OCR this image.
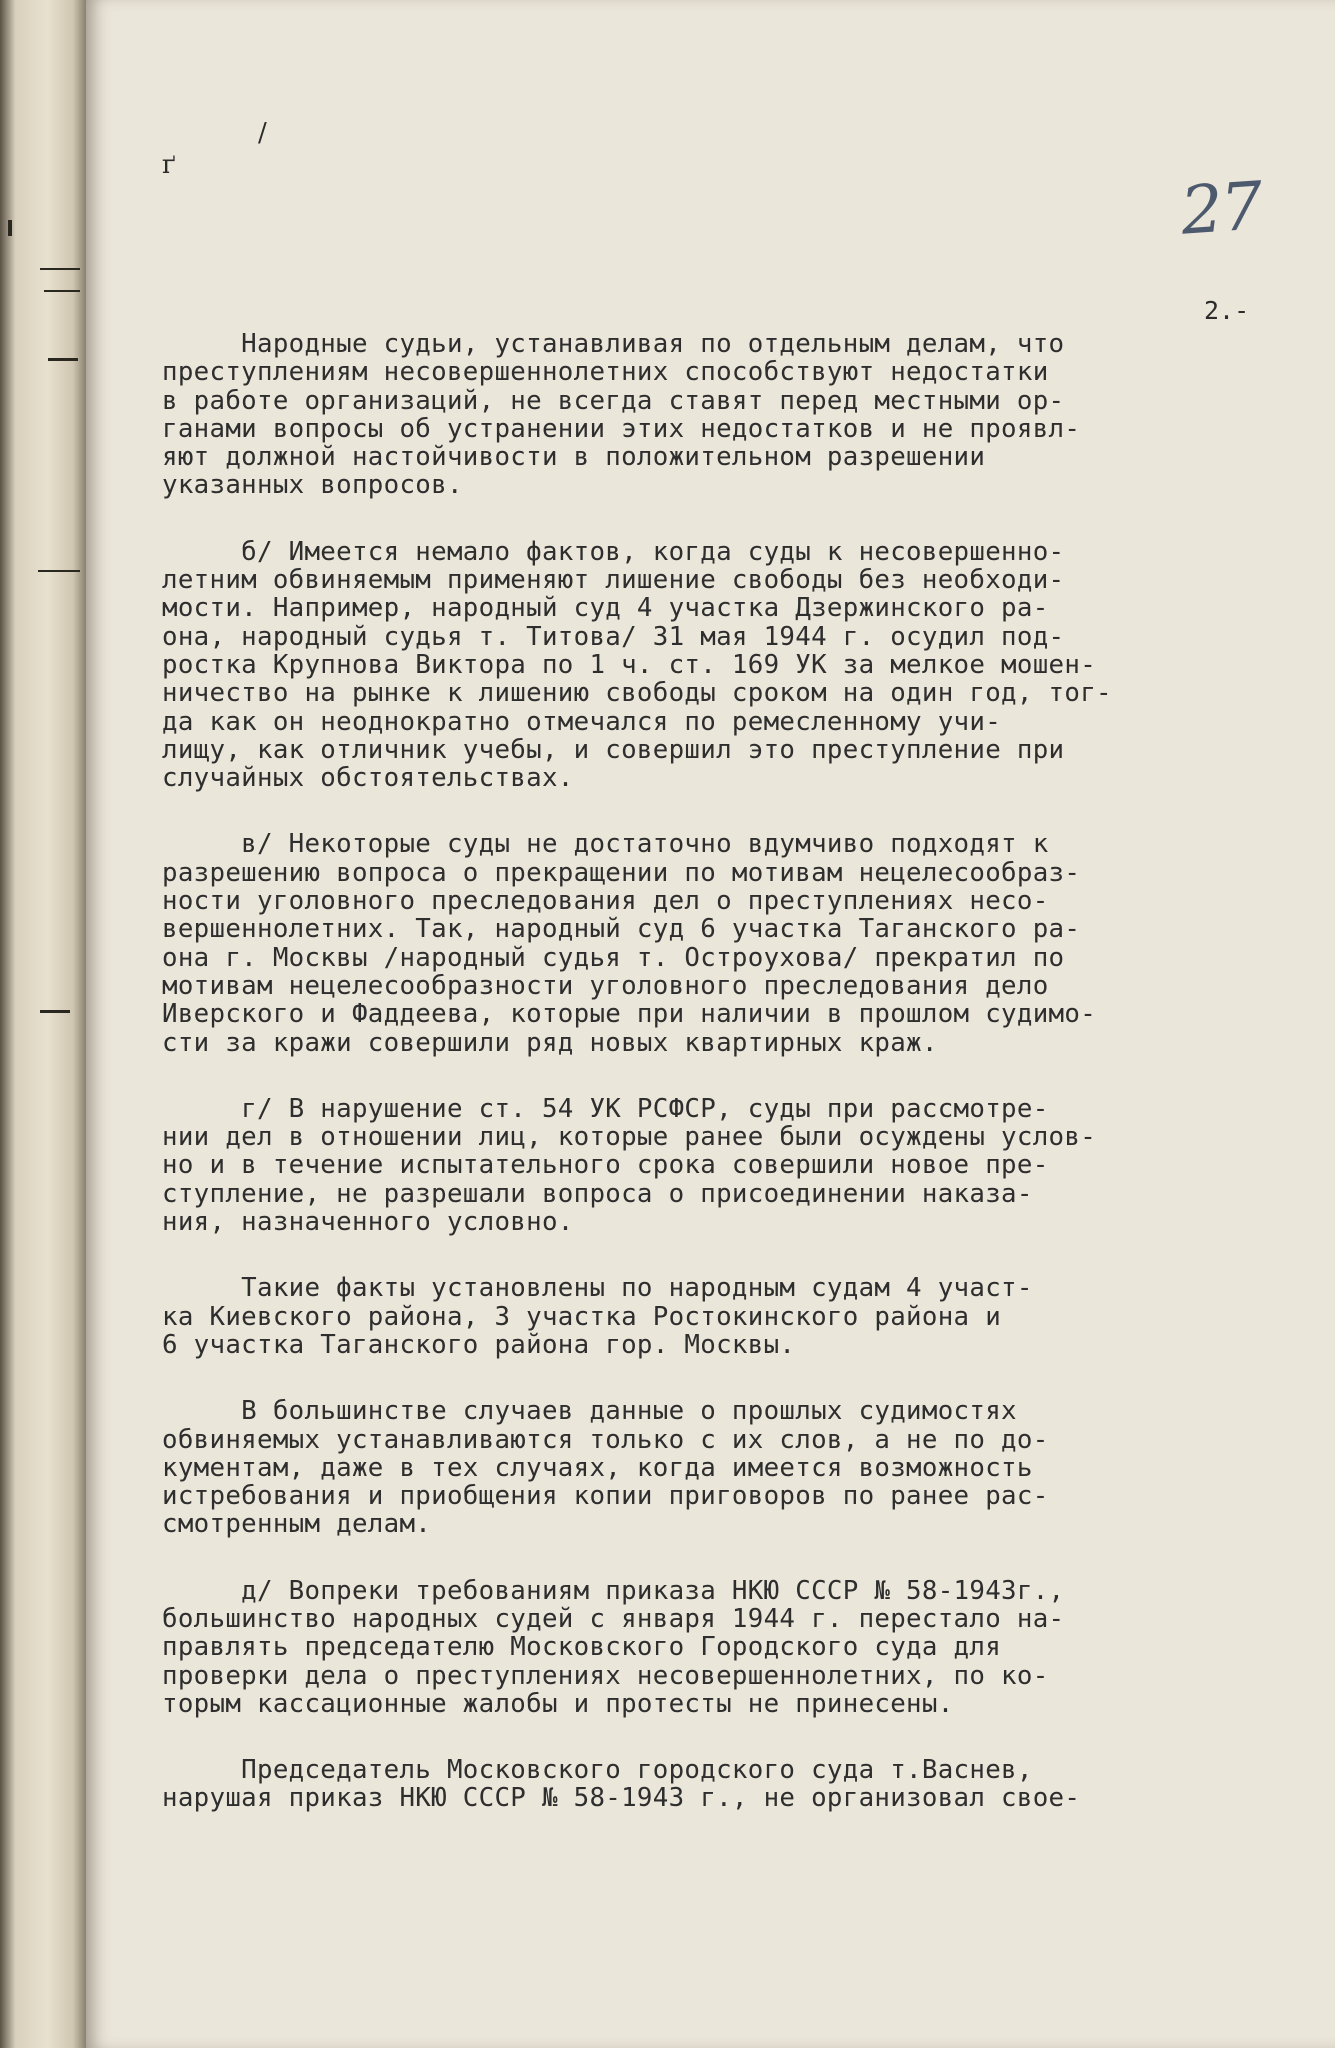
/
ґ
27
2.-
Народные судьи, устанавливая по отдельным делам, что
преступлениям несовершеннолетних способствуют недостатки
в работе организаций, не всегда ставят перед местными ор-
ганами вопросы об устранении этих недостатков и не проявл-
яют должной настойчивости в положительном разрешении
указанных вопросов.
б/ Имеется немало фактов, когда суды к несовершенно-
летним обвиняемым применяют лишение свободы без необходи-
мости. Например, народный суд 4 участка Дзержинского ра-
она, народный судья т. Титова/ 31 мая 1944 г. осудил под-
ростка Крупнова Виктора по 1 ч. ст. 169 УК за мелкое мошен-
ничество на рынке к лишению свободы сроком на один год, тог-
да как он неоднократно отмечался по ремесленному учи-
лищу, как отличник учебы, и совершил это преступление при
случайных обстоятельствах.
в/ Некоторые суды не достаточно вдумчиво подходят к
разрешению вопроса о прекращении по мотивам нецелесообраз-
ности уголовного преследования дел о преступлениях несо-
вершеннолетних. Так, народный суд 6 участка Таганского ра-
она г. Москвы /народный судья т. Остроухова/ прекратил по
мотивам нецелесообразности уголовного преследования дело
Иверского и Фаддеева, которые при наличии в прошлом судимо-
сти за кражи совершили ряд новых квартирных краж.
г/ В нарушение ст. 54 УК РСФСР, суды при рассмотре-
нии дел в отношении лиц, которые ранее были осуждены услов-
но и в течение испытательного срока совершили новое пре-
ступление, не разрешали вопроса о присоединении наказа-
ния, назначенного условно.
Такие факты установлены по народным судам 4 участ-
ка Киевского района, 3 участка Ростокинского района и
6 участка Таганского района гор. Москвы.
В большинстве случаев данные о прошлых судимостях
обвиняемых устанавливаются только с их слов, а не по до-
кументам, даже в тех случаях, когда имеется возможность
истребования и приобщения копии приговоров по ранее рас-
смотренным делам.
д/ Вопреки требованиям приказа НКЮ СССР № 58-1943г.,
большинство народных судей с января 1944 г. перестало на-
правлять председателю Московского Городского суда для
проверки дела о преступлениях несовершеннолетних, по ко-
торым кассационные жалобы и протесты не принесены.
Председатель Московского городского суда т.Васнев,
нарушая приказ НКЮ СССР № 58-1943 г., не организовал свое-
